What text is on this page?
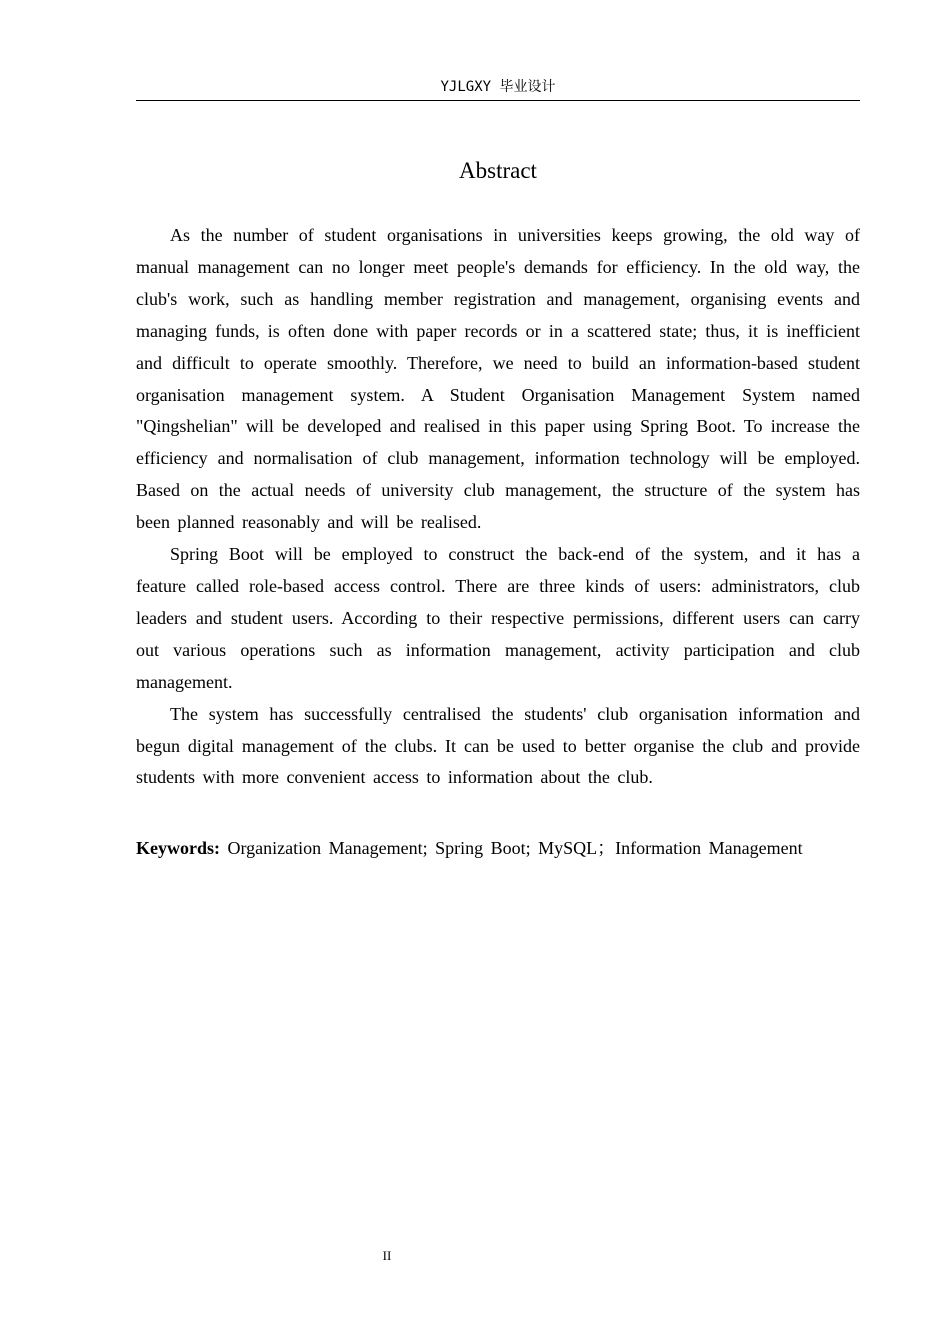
YJLGXY 毕业设计
Abstract

As the number of student organisations in universities keeps growing, the old way of manual management can no longer meet people's demands for efficiency. In the old way, the club's work, such as handling member registration and management, organising events and managing funds, is often done with paper records or in a scattered state; thus, it is inefficient and difficult to operate smoothly. Therefore, we need to build an information-based student organisation management system. A Student Organisation Management System named "Qingshelian" will be developed and realised in this paper using Spring Boot. To increase the efficiency and normalisation of club management, information technology will be employed. Based on the actual needs of university club management, the structure of the system has been planned reasonably and will be realised.

Spring Boot will be employed to construct the back-end of the system, and it has a feature called role-based access control. There are three kinds of users: administrators, club leaders and student users. According to their respective permissions, different users can carry out various operations such as information management, activity participation and club management.

The system has successfully centralised the students' club organisation information and begun digital management of the clubs. It can be used to better organise the club and provide students with more convenient access to information about the club.

Keywords: Organization Management; Spring Boot; MySQL；Information Management
II
